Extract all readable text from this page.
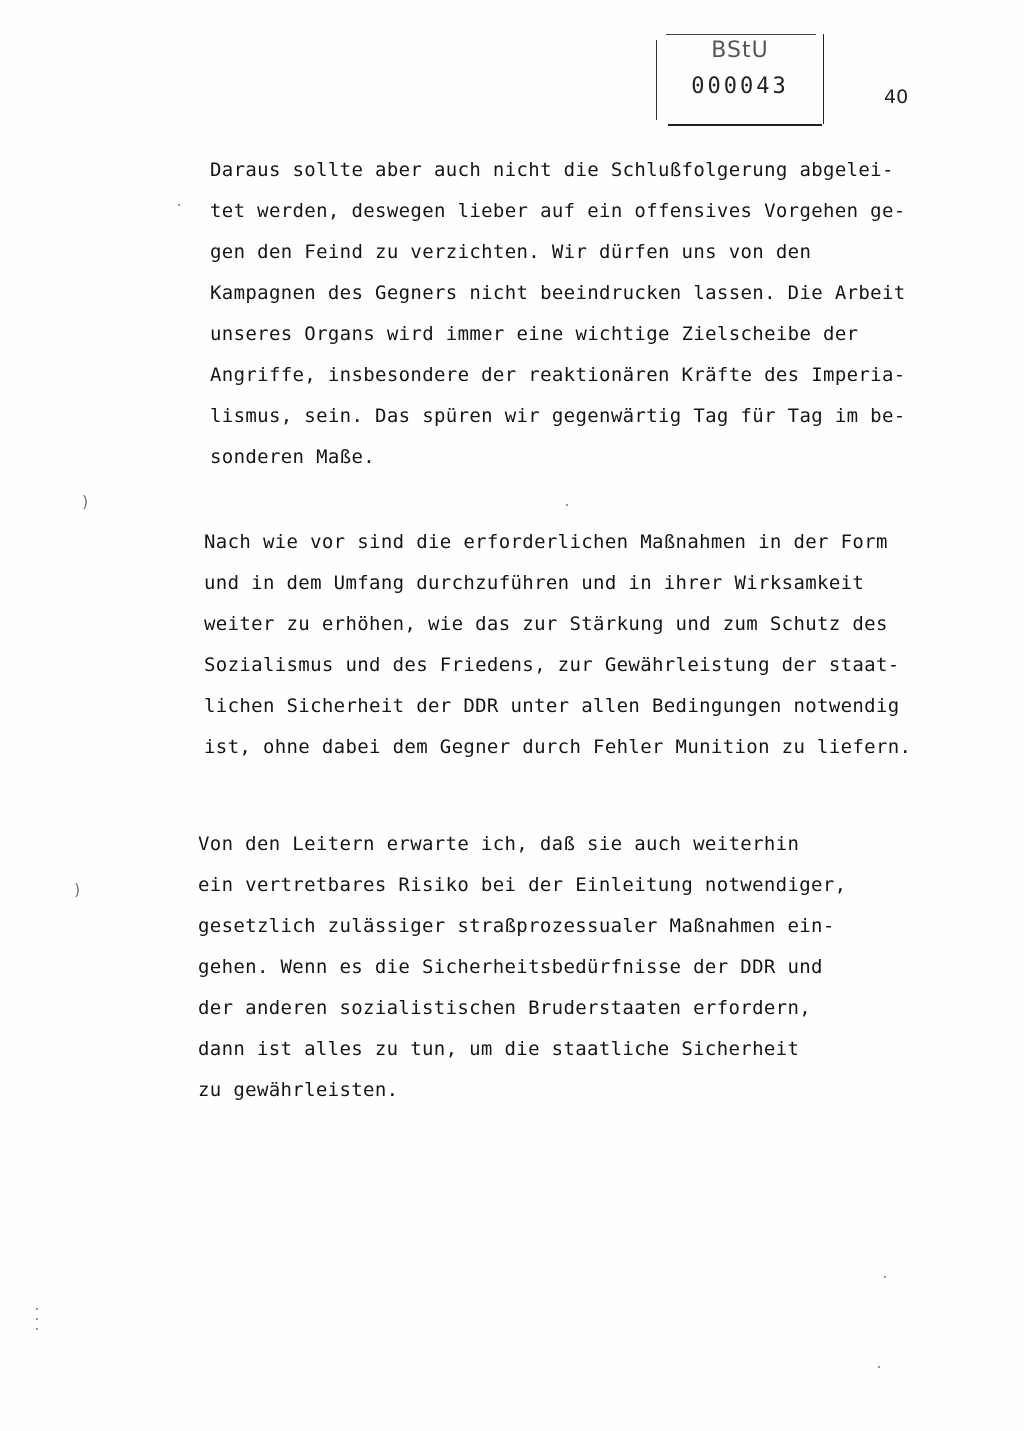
BStU
000043	40
Daraus sollte aber auch nicht die Schlußfolgerung abgelei-
tet werden, deswegen lieber auf ein offensives Vorgehen ge-
gen den Feind zu verzichten. Wir dürfen uns von den
Kampagnen des Gegners nicht beeindrucken lassen. Die Arbeit
unseres Organs wird immer eine wichtige Zielscheibe der
Angriffe, insbesondere der reaktionären Kräfte des Imperia-
lismus, sein. Das spüren wir gegenwärtig Tag für Tag im be-
sonderen Maße.
Nach wie vor sind die erforderlichen Maßnahmen in der Form
und in dem Umfang durchzuführen und in ihrer Wirksamkeit
weiter zu erhöhen, wie das zur Stärkung und zum Schutz des
Sozialismus und des Friedens, zur Gewährleistung der staat-
lichen Sicherheit der DDR unter allen Bedingungen notwendig
ist, ohne dabei dem Gegner durch Fehler Munition zu liefern.
Von den Leitern erwarte ich, daß sie auch weiterhin
ein vertretbares Risiko bei der Einleitung notwendiger,
gesetzlich zulässiger straßprozessualer Maßnahmen ein-
gehen. Wenn es die Sicherheitsbedürfnisse der DDR und
der anderen sozialistischen Bruderstaaten erfordern,
dann ist alles zu tun, um die staatliche Sicherheit
zu gewährleisten.
)
)
